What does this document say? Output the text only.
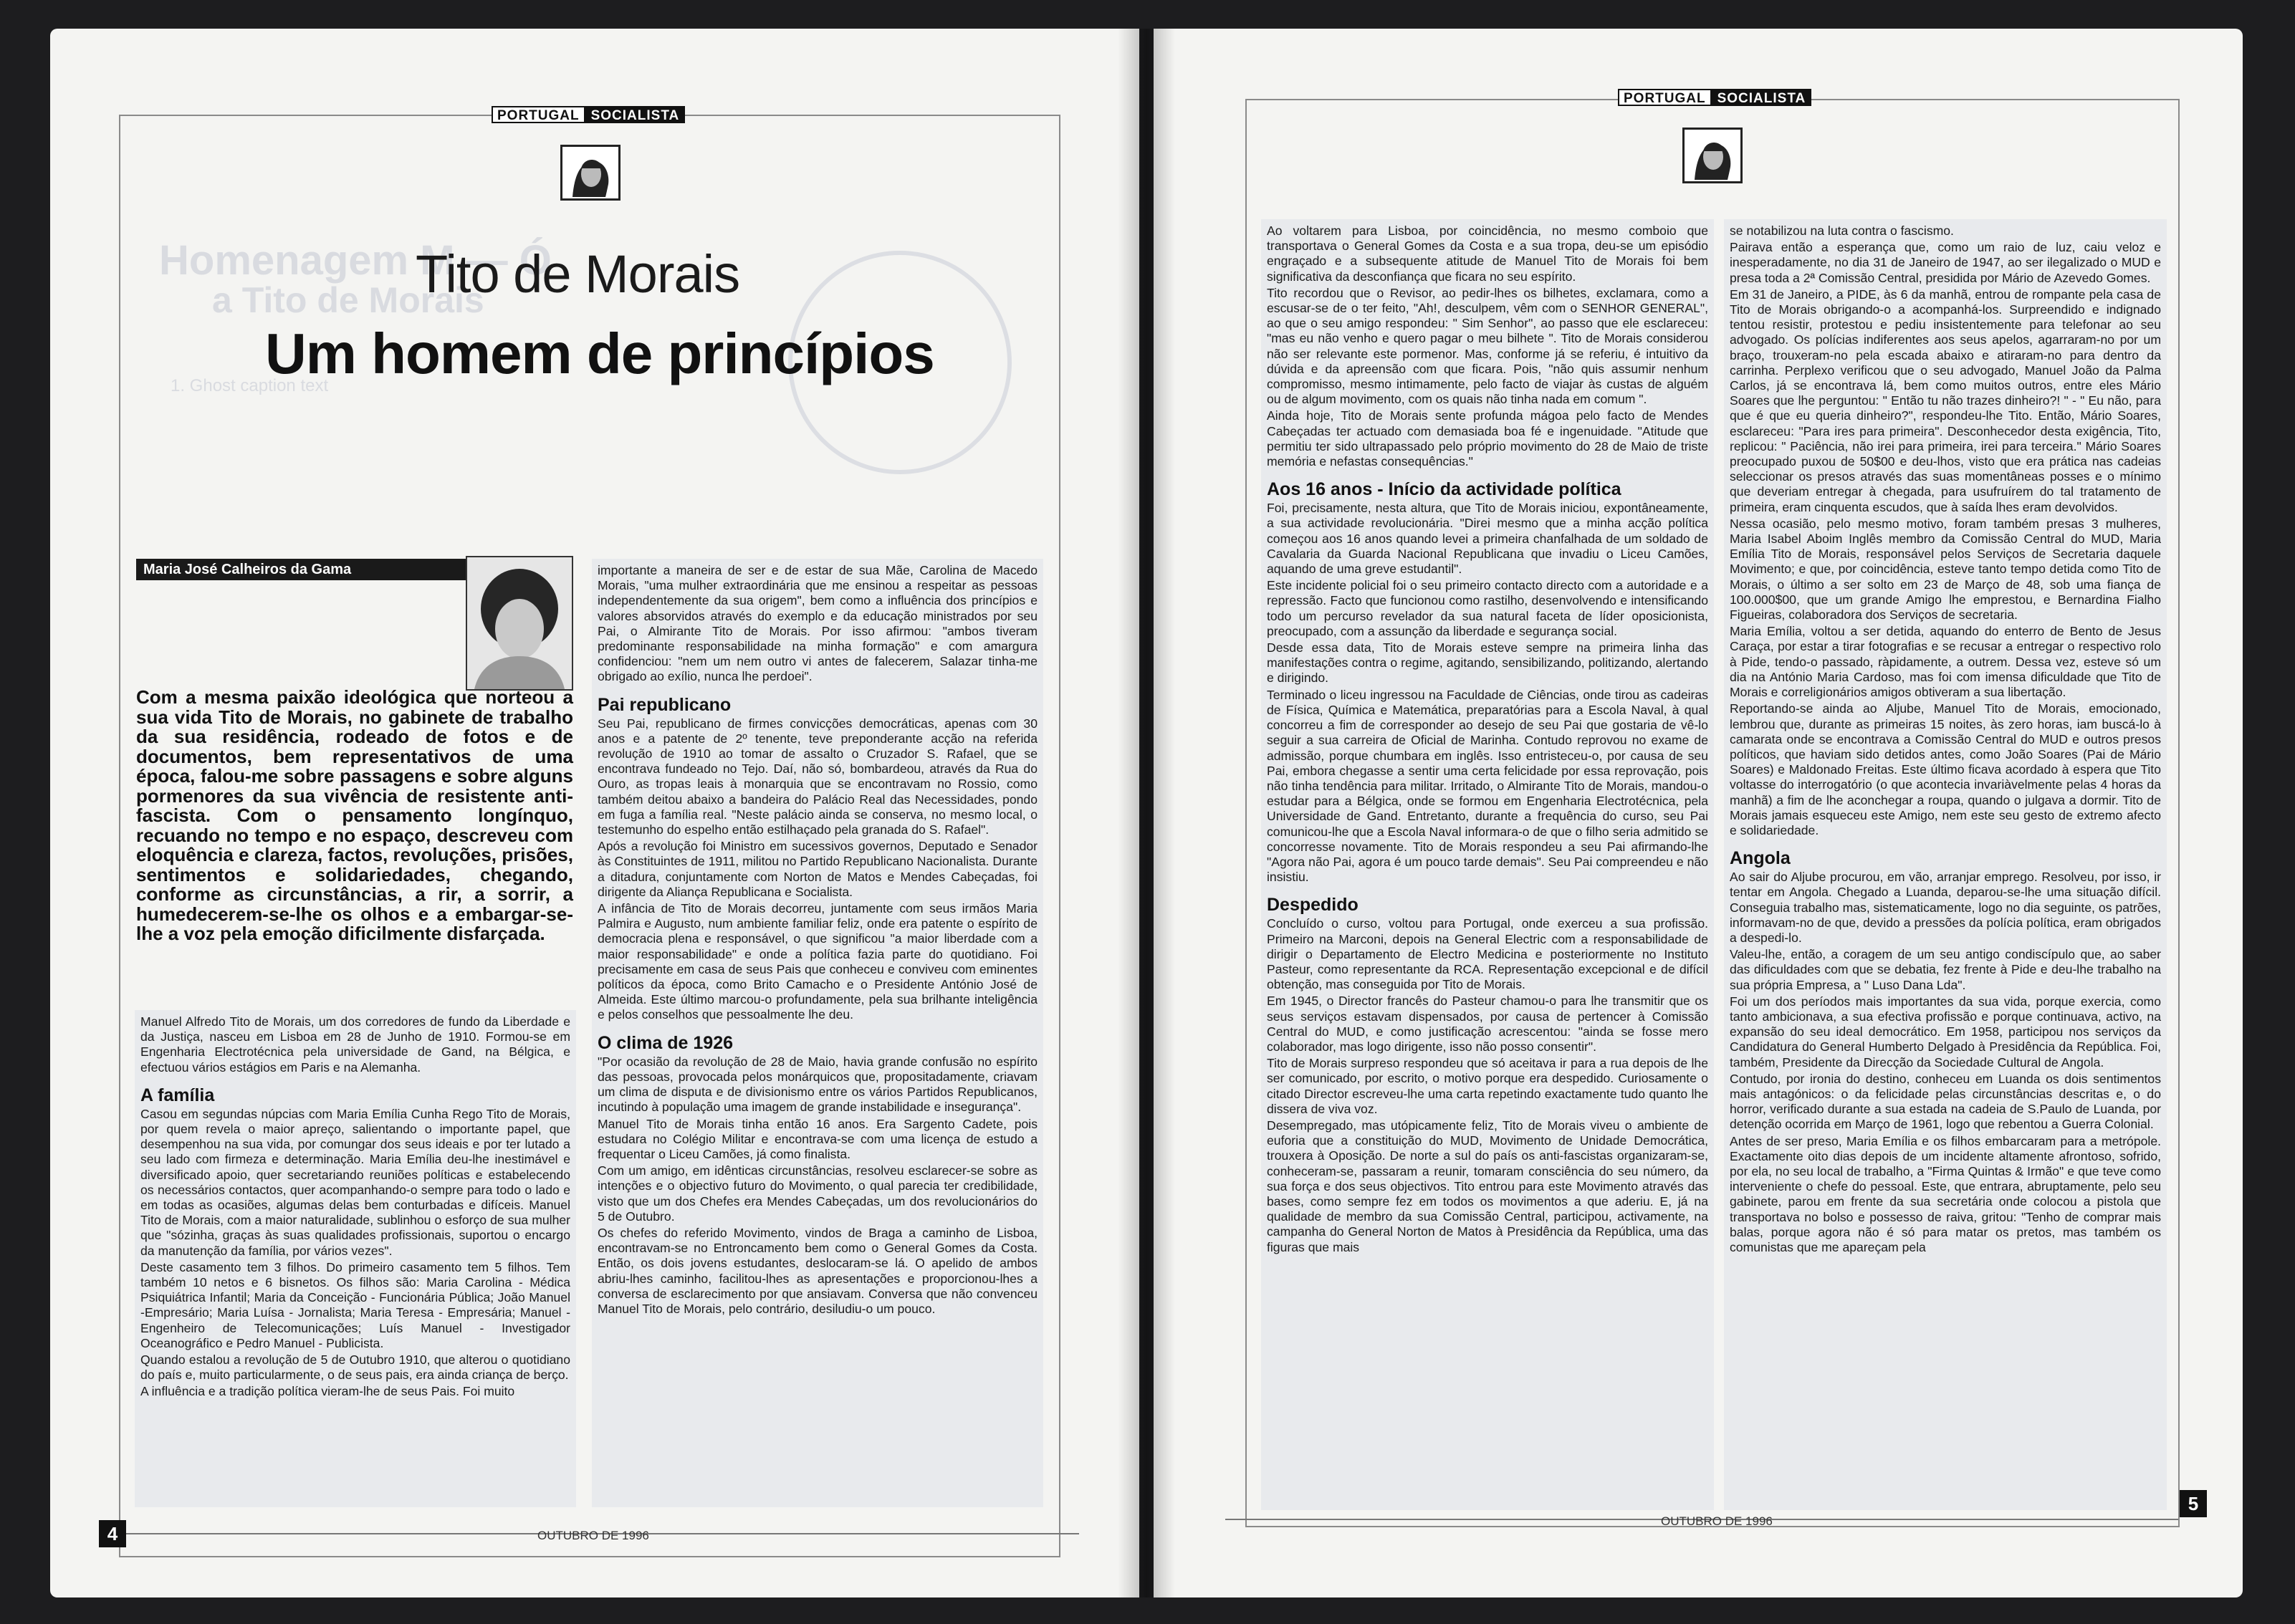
PORTUGAL SOCIALISTA
Homenagem M — Ó
a Tito de Morais
1. Ghost caption text
Tito de Morais
Um homem de princípios
Maria José Calheiros da Gama
Com a mesma paixão ideológica que norteou a sua vida Tito de Morais, no gabinete de trabalho da sua residência, rodeado de fotos e de documentos, bem representativos de uma época, falou-me sobre passagens e sobre alguns pormenores da sua vivência de resistente anti-fascista. Com o pensamento longínquo, recuando no tempo e no espaço, descreveu com eloquência e clareza, factos, revoluções, prisões, sentimentos e solidariedades, chegando, conforme as circunstâncias, a rir, a sorrir, a humedecerem-se-lhe os olhos e a embargar-se-lhe a voz pela emoção dificilmente disfarçada.

Manuel Alfredo Tito de Morais, um dos corredores de fundo da Liberdade e da Justiça, nasceu em Lisboa em 28 de Junho de 1910. Formou-se em Engenharia Electrotécnica pela universidade de Gand, na Bélgica, e efectuou vários estágios em Paris e na Alemanha.

A família

Casou em segundas núpcias com Maria Emília Cunha Rego Tito de Morais, por quem revela o maior apreço, salientando o importante papel, que desempenhou na sua vida, por comungar dos seus ideais e por ter lutado a seu lado com firmeza e determinação. Maria Emília deu-lhe inestimável e diversificado apoio, quer secretariando reuniões políticas e estabelecendo os necessários contactos, quer acompanhando-o sempre para todo o lado e em todas as ocasiões, algumas delas bem conturbadas e difíceis. Manuel Tito de Morais, com a maior naturalidade, sublinhou o esforço de sua mulher que "sózinha, graças às suas qualidades profissionais, suportou o encargo da manutenção da família, por vários vezes".

Deste casamento tem 3 filhos. Do primeiro casamento tem 5 filhos. Tem também 10 netos e 6 bisnetos. Os filhos são: Maria Carolina - Médica Psiquiátrica Infantil; Maria da Conceição - Funcionária Pública; João Manuel -Empresário; Maria Luísa - Jornalista; Maria Teresa - Empresária; Manuel -Engenheiro de Telecomunicações; Luís Manuel - Investigador Oceanográfico e Pedro Manuel - Publicista.

Quando estalou a revolução de 5 de Outubro 1910, que alterou o quotidiano do país e, muito particularmente, o de seus pais, era ainda criança de berço.

A influência e a tradição política vieram-lhe de seus Pais. Foi muito

importante a maneira de ser e de estar de sua Mãe, Carolina de Macedo Morais, "uma mulher extraordinária que me ensinou a respeitar as pessoas independentemente da sua origem", bem como a influência dos princípios e valores absorvidos através do exemplo e da educação ministrados por seu Pai, o Almirante Tito de Morais. Por isso afirmou: "ambos tiveram predominante responsabilidade na minha formação" e com amargura confidenciou: "nem um nem outro vi antes de falecerem, Salazar tinha-me obrigado ao exílio, nunca lhe perdoei".

Pai republicano

Seu Pai, republicano de firmes convicções democráticas, apenas com 30 anos e a patente de 2º tenente, teve preponderante acção na referida revolução de 1910 ao tomar de assalto o Cruzador S. Rafael, que se encontrava fundeado no Tejo. Daí, não só, bombardeou, através da Rua do Ouro, as tropas leais à monarquia que se encontravam no Rossio, como também deitou abaixo a bandeira do Palácio Real das Necessidades, pondo em fuga a família real. "Neste palácio ainda se conserva, no mesmo local, o testemunho do espelho então estilhaçado pela granada do S. Rafael".

Após a revolução foi Ministro em sucessivos governos, Deputado e Senador às Constituintes de 1911, militou no Partido Republicano Nacionalista. Durante a ditadura, conjuntamente com Norton de Matos e Mendes Cabeçadas, foi dirigente da Aliança Republicana e Socialista.

A infância de Tito de Morais decorreu, juntamente com seus irmãos Maria Palmira e Augusto, num ambiente familiar feliz, onde era patente o espírito de democracia plena e responsável, o que significou "a maior liberdade com a maior responsabilidade" e onde a política fazia parte do quotidiano. Foi precisamente em casa de seus Pais que conheceu e conviveu com eminentes políticos da época, como Brito Camacho e o Presidente António José de Almeida. Este último marcou-o profundamente, pela sua brilhante inteligência e pelos conselhos que pessoalmente lhe deu.

O clima de 1926

"Por ocasião da revolução de 28 de Maio, havia grande confusão no espírito das pessoas, provocada pelos monárquicos que, propositadamente, criavam um clima de disputa e de divisionismo entre os vários Partidos Republicanos, incutindo à população uma imagem de grande instabilidade e insegurança".

Manuel Tito de Morais tinha então 16 anos. Era Sargento Cadete, pois estudara no Colégio Militar e encontrava-se com uma licença de estudo a frequentar o Liceu Camões, já como finalista.

Com um amigo, em idênticas circunstâncias, resolveu esclarecer-se sobre as intenções e o objectivo futuro do Movimento, o qual parecia ter credibilidade, visto que um dos Chefes era Mendes Cabeçadas, um dos revolucionários do 5 de Outubro.

Os chefes do referido Movimento, vindos de Braga a caminho de Lisboa, encontravam-se no Entroncamento bem como o General Gomes da Costa. Então, os dois jovens estudantes, deslocaram-se lá. O apelido de ambos abriu-lhes caminho, facilitou-lhes as apresentações e proporcionou-lhes a conversa de esclarecimento por que ansiavam. Conversa que não convenceu Manuel Tito de Morais, pelo contrário, desiludiu-o um pouco.

4	OUTUBRO DE 1996
PORTUGAL SOCIALISTA

Ao voltarem para Lisboa, por coincidência, no mesmo comboio que transportava o General Gomes da Costa e a sua tropa, deu-se um episódio engraçado e a subsequente atitude de Manuel Tito de Morais foi bem significativa da desconfiança que ficara no seu espírito.

Tito recordou que o Revisor, ao pedir-lhes os bilhetes, exclamara, como a escusar-se de o ter feito, "Ah!, desculpem, vêm com o SENHOR GENERAL", ao que o seu amigo respondeu: " Sim Senhor", ao passo que ele esclareceu: "mas eu não venho e quero pagar o meu bilhete ". Tito de Morais considerou não ser relevante este pormenor. Mas, conforme já se referiu, é intuitivo da dúvida e da apreensão com que ficara. Pois, "não quis assumir nenhum compromisso, mesmo intimamente, pelo facto de viajar às custas de alguém ou de algum movimento, com os quais não tinha nada em comum ".

Ainda hoje, Tito de Morais sente profunda mágoa pelo facto de Mendes Cabeçadas ter actuado com demasiada boa fé e ingenuidade. "Atitude que permitiu ter sido ultrapassado pelo próprio movimento do 28 de Maio de triste memória e nefastas consequências."

Aos 16 anos - Início da actividade política

Foi, precisamente, nesta altura, que Tito de Morais iniciou, expontâneamente, a sua actividade revolucionária. "Direi mesmo que a minha acção política começou aos 16 anos quando levei a primeira chanfalhada de um soldado de Cavalaria da Guarda Nacional Republicana que invadiu o Liceu Camões, aquando de uma greve estudantil".

Este incidente policial foi o seu primeiro contacto directo com a autoridade e a repressão. Facto que funcionou como rastilho, desenvolvendo e intensificando todo um percurso revelador da sua natural faceta de líder oposicionista, preocupado, com a assunção da liberdade e segurança social.

Desde essa data, Tito de Morais esteve sempre na primeira linha das manifestações contra o regime, agitando, sensibilizando, politizando, alertando e dirigindo.

Terminado o liceu ingressou na Faculdade de Ciências, onde tirou as cadeiras de Física, Química e Matemática, preparatórias para a Escola Naval, à qual concorreu a fim de corresponder ao desejo de seu Pai que gostaria de vê-lo seguir a sua carreira de Oficial de Marinha. Contudo reprovou no exame de admissão, porque chumbara em inglês. Isso entristeceu-o, por causa de seu Pai, embora chegasse a sentir uma certa felicidade por essa reprovação, pois não tinha tendência para militar. Irritado, o Almirante Tito de Morais, mandou-o estudar para a Bélgica, onde se formou em Engenharia Electrotécnica, pela Universidade de Gand. Entretanto, durante a frequência do curso, seu Pai comunicou-lhe que a Escola Naval informara-o de que o filho seria admitido se concorresse novamente. Tito de Morais respondeu a seu Pai afirmando-lhe "Agora não Pai, agora é um pouco tarde demais". Seu Pai compreendeu e não insistiu.

Despedido

Concluído o curso, voltou para Portugal, onde exerceu a sua profissão. Primeiro na Marconi, depois na General Electric com a responsabilidade de dirigir o Departamento de Electro Medicina e posteriormente no Instituto Pasteur, como representante da RCA. Representação excepcional e de difícil obtenção, mas conseguida por Tito de Morais.

Em 1945, o Director francês do Pasteur chamou-o para lhe transmitir que os seus serviços estavam dispensados, por causa de pertencer à Comissão Central do MUD, e como justificação acrescentou: "ainda se fosse mero colaborador, mas logo dirigente, isso não posso consentir".

Tito de Morais surpreso respondeu que só aceitava ir para a rua depois de lhe ser comunicado, por escrito, o motivo porque era despedido. Curiosamente o citado Director escreveu-lhe uma carta repetindo exactamente tudo quanto lhe dissera de viva voz.

Desempregado, mas utópicamente feliz, Tito de Morais viveu o ambiente de euforia que a constituição do MUD, Movimento de Unidade Democrática, trouxera à Oposição. De norte a sul do país os anti-fascistas organizaram-se, conheceram-se, passaram a reunir, tomaram consciência do seu número, da sua força e dos seus objectivos. Tito entrou para este Movimento através das bases, como sempre fez em todos os movimentos a que aderiu. E, já na qualidade de membro da sua Comissão Central, participou, activamente, na campanha do General Norton de Matos à Presidência da República, uma das figuras que mais

se notabilizou na luta contra o fascismo.

Pairava então a esperança que, como um raio de luz, caiu veloz e inesperadamente, no dia 31 de Janeiro de 1947, ao ser ilegalizado o MUD e presa toda a 2ª Comissão Central, presidida por Mário de Azevedo Gomes.

Em 31 de Janeiro, a PIDE, às 6 da manhã, entrou de rompante pela casa de Tito de Morais obrigando-o a acompanhá-los. Surpreendido e indignado tentou resistir, protestou e pediu insistentemente para telefonar ao seu advogado. Os polícias indiferentes aos seus apelos, agarraram-no por um braço, trouxeram-no pela escada abaixo e atiraram-no para dentro da carrinha. Perplexo verificou que o seu advogado, Manuel João da Palma Carlos, já se encontrava lá, bem como muitos outros, entre eles Mário Soares que lhe perguntou: " Então tu não trazes dinheiro?! " - " Eu não, para que é que eu queria dinheiro?", respondeu-lhe Tito. Então, Mário Soares, esclareceu: "Para ires para primeira". Desconhecedor desta exigência, Tito, replicou: " Paciência, não irei para primeira, irei para terceira." Mário Soares preocupado puxou de 50$00 e deu-lhos, visto que era prática nas cadeias seleccionar os presos através das suas momentâneas posses e o mínimo que deveriam entregar à chegada, para usufruírem do tal tratamento de primeira, eram cinquenta escudos, que à saída lhes eram devolvidos.

Nessa ocasião, pelo mesmo motivo, foram também presas 3 mulheres, Maria Isabel Aboim Inglês membro da Comissão Central do MUD, Maria Emília Tito de Morais, responsável pelos Serviços de Secretaria daquele Movimento; e que, por coincidência, esteve tanto tempo detida como Tito de Morais, o último a ser solto em 23 de Março de 48, sob uma fiança de 100.000$00, que um grande Amigo lhe emprestou, e Bernardina Fialho Figueiras, colaboradora dos Serviços de secretaria.

Maria Emília, voltou a ser detida, aquando do enterro de Bento de Jesus Caraça, por estar a tirar fotografias e se recusar a entregar o respectivo rolo à Pide, tendo-o passado, ràpidamente, a outrem. Dessa vez, esteve só um dia na António Maria Cardoso, mas foi com imensa dificuldade que Tito de Morais e correligionários amigos obtiveram a sua libertação.

Reportando-se ainda ao Aljube, Manuel Tito de Morais, emocionado, lembrou que, durante as primeiras 15 noites, às zero horas, iam buscá-lo à camarata onde se encontrava a Comissão Central do MUD e outros presos políticos, que haviam sido detidos antes, como João Soares (Pai de Mário Soares) e Maldonado Freitas. Este último ficava acordado à espera que Tito voltasse do interrogatório (o que acontecia invariàvelmente pelas 4 horas da manhã) a fim de lhe aconchegar a roupa, quando o julgava a dormir. Tito de Morais jamais esqueceu este Amigo, nem este seu gesto de extremo afecto e solidariedade.

Angola

Ao sair do Aljube procurou, em vão, arranjar emprego. Resolveu, por isso, ir tentar em Angola. Chegado a Luanda, deparou-se-lhe uma situação difícil. Conseguia trabalho mas, sistematicamente, logo no dia seguinte, os patrões, informavam-no de que, devido a pressões da polícia política, eram obrigados a despedi-lo.

Valeu-lhe, então, a coragem de um seu antigo condiscípulo que, ao saber das dificuldades com que se debatia, fez frente à Pide e deu-lhe trabalho na sua própria Empresa, a " Luso Dana Lda".

Foi um dos períodos mais importantes da sua vida, porque exercia, como tanto ambicionava, a sua efectiva profissão e porque continuava, activo, na expansão do seu ideal democrático. Em 1958, participou nos serviços da Candidatura do General Humberto Delgado à Presidência da República. Foi, também, Presidente da Direcção da Sociedade Cultural de Angola.

Contudo, por ironia do destino, conheceu em Luanda os dois sentimentos mais antagónicos: o da felicidade pelas circunstâncias descritas e, o do horror, verificado durante a sua estada na cadeia de S.Paulo de Luanda, por detenção ocorrida em Março de 1961, logo que rebentou a Guerra Colonial.

Antes de ser preso, Maria Emília e os filhos embarcaram para a metrópole. Exactamente oito dias depois de um incidente altamente afrontoso, sofrido, por ela, no seu local de trabalho, a "Firma Quintas & Irmão" e que teve como interveniente o chefe do pessoal. Este, que entrara, abruptamente, pelo seu gabinete, parou em frente da sua secretária onde colocou a pistola que transportava no bolso e possesso de raiva, gritou: "Tenho de comprar mais balas, porque agora não é só para matar os pretos, mas também os comunistas que me apareçam pela

OUTUBRO DE 1996
5
